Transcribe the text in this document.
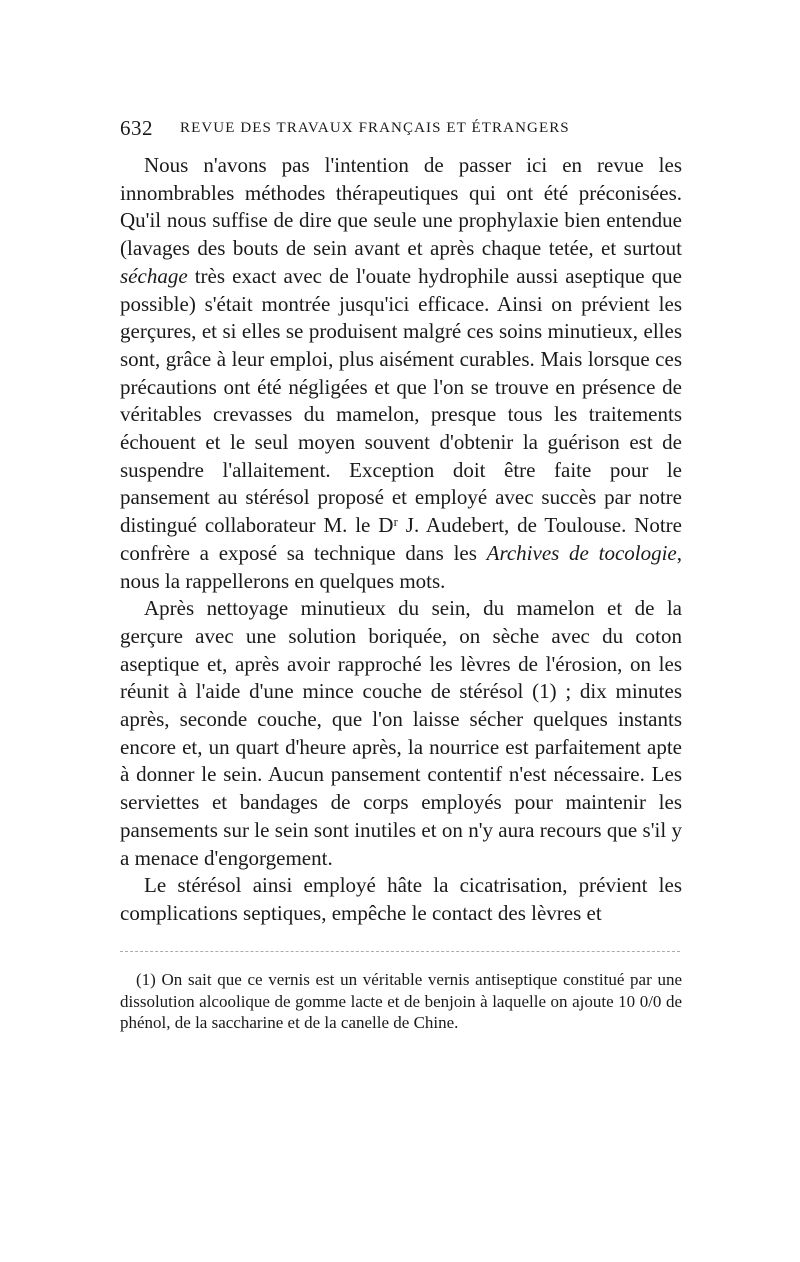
632 REVUE DES TRAVAUX FRANÇAIS ET ÉTRANGERS

Nous n'avons pas l'intention de passer ici en revue les innombrables méthodes thérapeutiques qui ont été préconisées. Qu'il nous suffise de dire que seule une prophylaxie bien entendue (lavages des bouts de sein avant et après chaque tetée, et surtout séchage très exact avec de l'ouate hydrophile aussi aseptique que possible) s'était montrée jusqu'ici efficace. Ainsi on prévient les gerçures, et si elles se produisent malgré ces soins minutieux, elles sont, grâce à leur emploi, plus aisément curables. Mais lorsque ces précautions ont été négligées et que l'on se trouve en présence de véritables crevasses du mamelon, presque tous les traitements échouent et le seul moyen souvent d'obtenir la guérison est de suspendre l'allaitement. Exception doit être faite pour le pansement au stérésol proposé et employé avec succès par notre distingué collaborateur M. le Dʳ J. Audebert, de Toulouse. Notre confrère a exposé sa technique dans les Archives de tocologie, nous la rappellerons en quelques mots.

Après nettoyage minutieux du sein, du mamelon et de la gerçure avec une solution boriquée, on sèche avec du coton aseptique et, après avoir rapproché les lèvres de l'érosion, on les réunit à l'aide d'une mince couche de stérésol (1) ; dix minutes après, seconde couche, que l'on laisse sécher quelques instants encore et, un quart d'heure après, la nourrice est parfaitement apte à donner le sein. Aucun pansement contentif n'est nécessaire. Les serviettes et bandages de corps employés pour maintenir les pansements sur le sein sont inutiles et on n'y aura recours que s'il y a menace d'engorgement.

Le stérésol ainsi employé hâte la cicatrisation, prévient les complications septiques, empêche le contact des lèvres et

(1) On sait que ce vernis est un véritable vernis antiseptique constitué par une dissolution alcoolique de gomme lacte et de benjoin à laquelle on ajoute 10 0/0 de phénol, de la saccharine et de la canelle de Chine.
